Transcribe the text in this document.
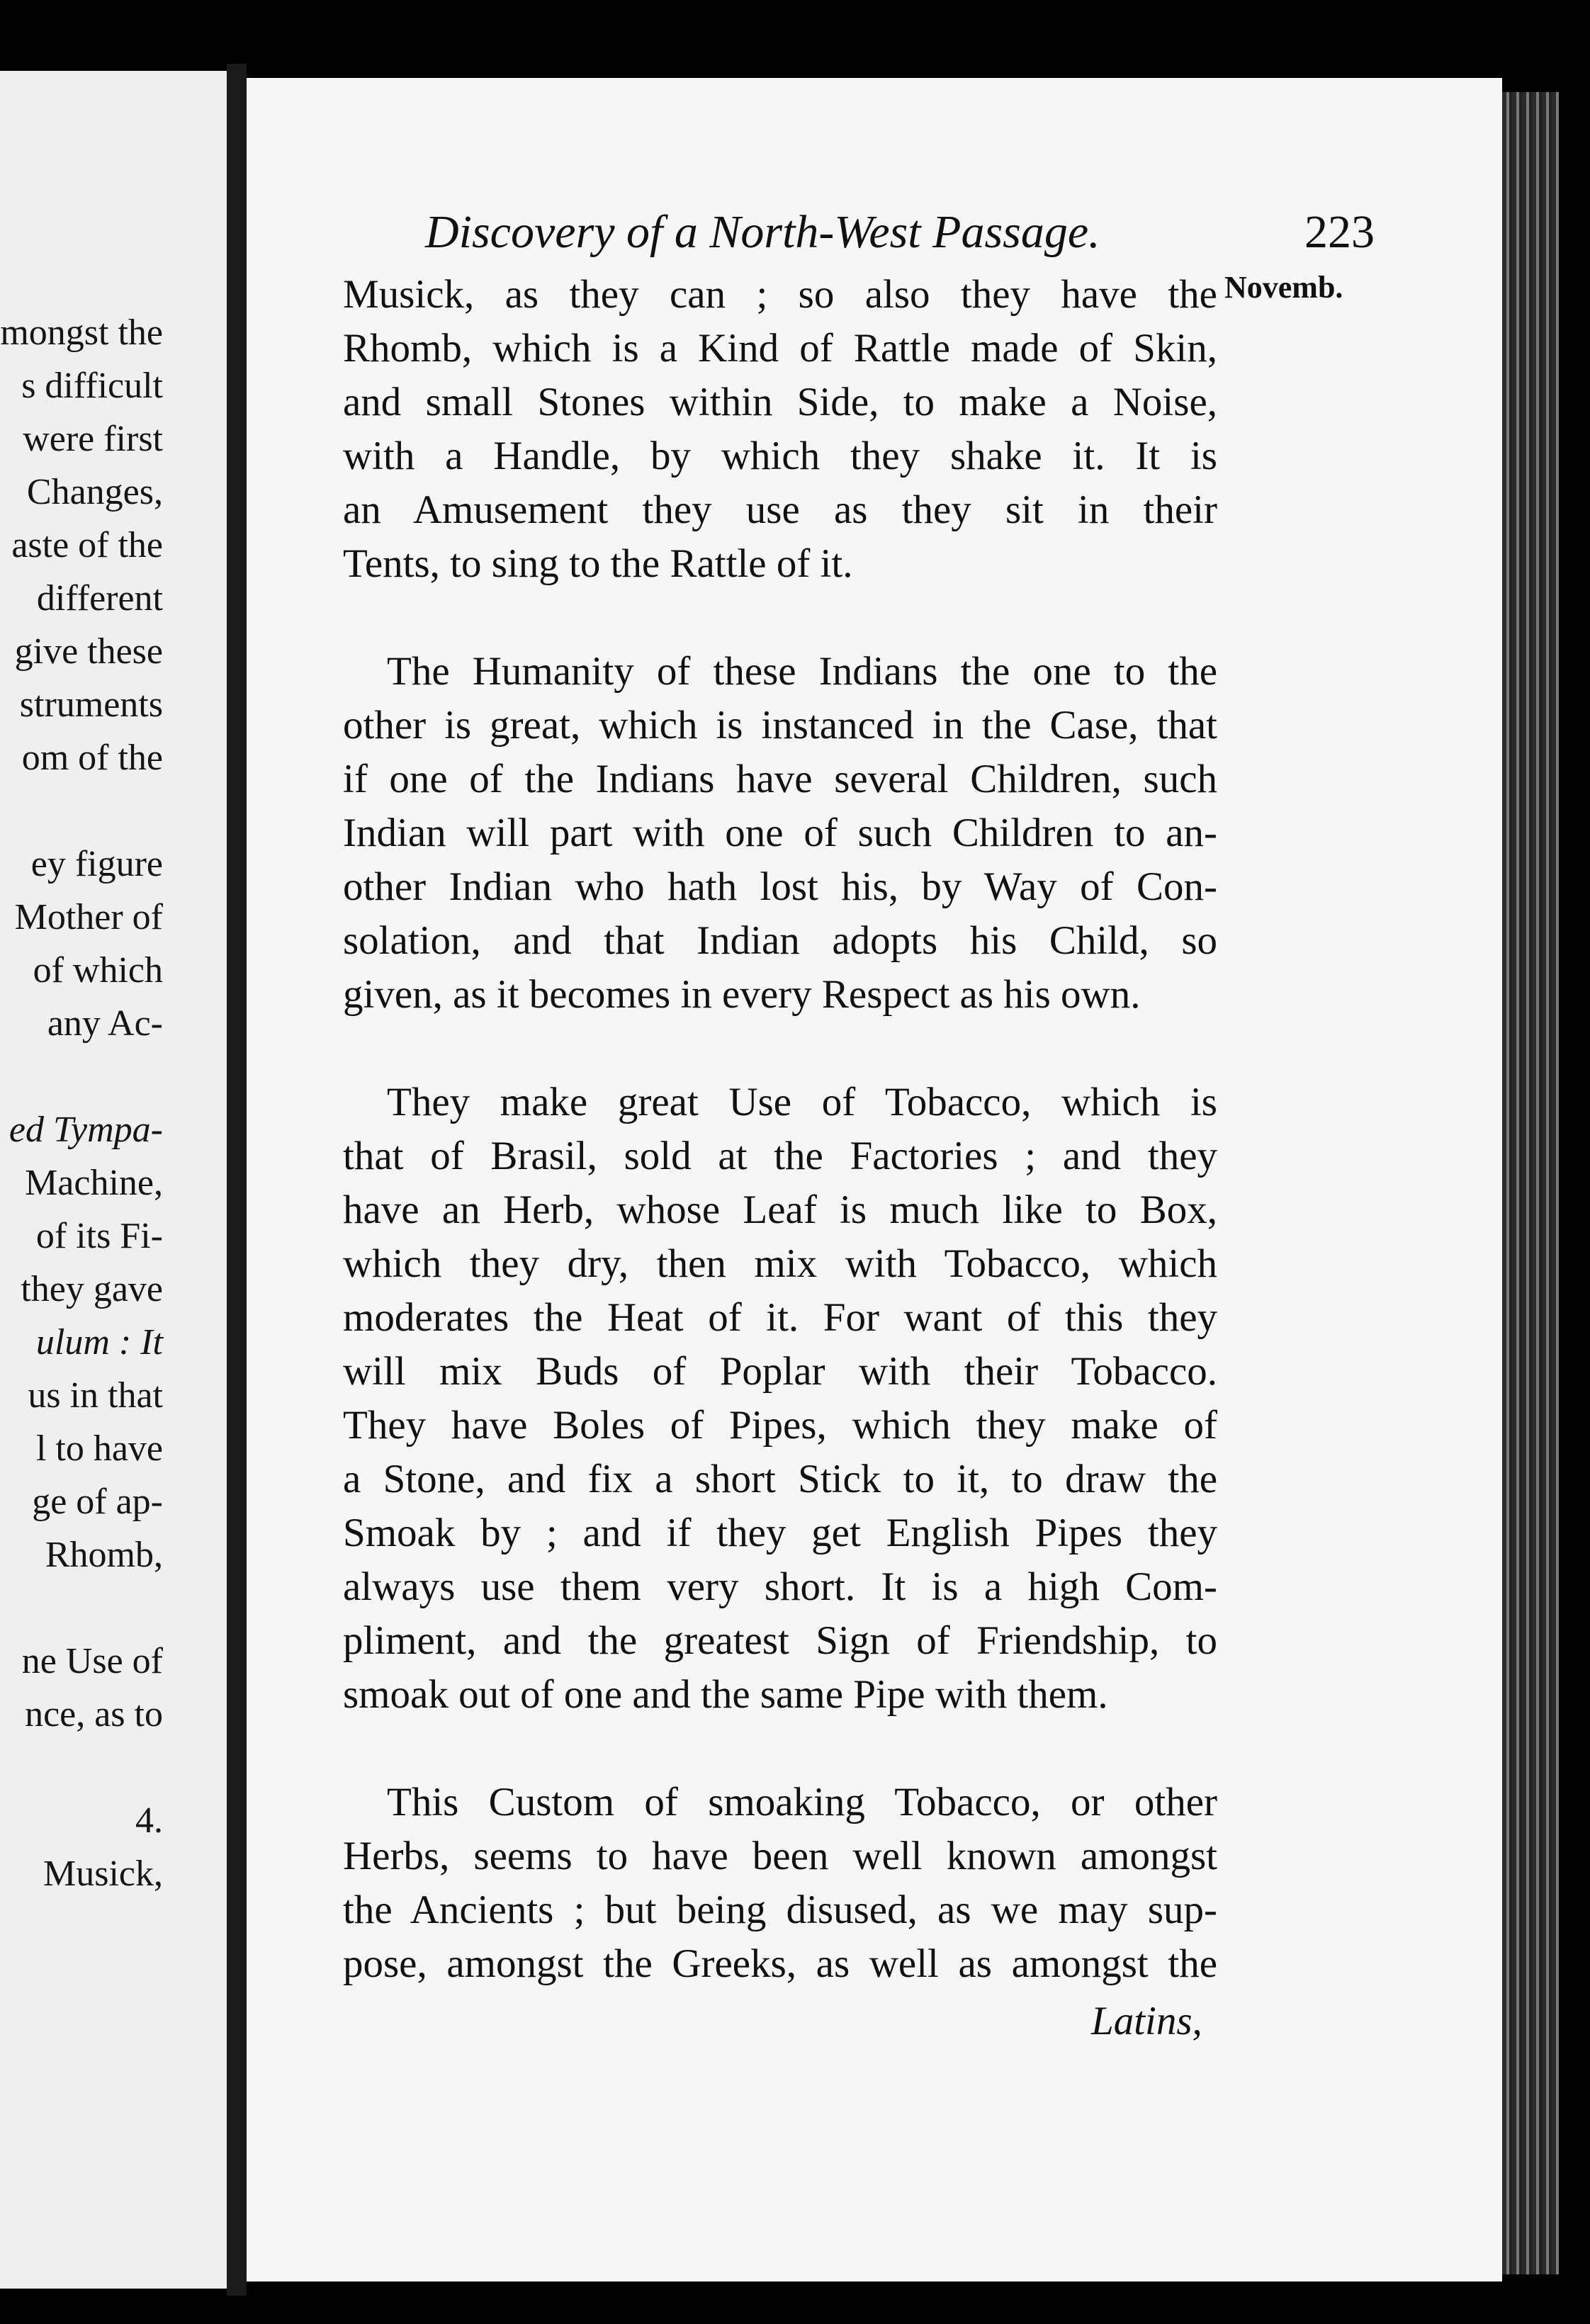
mongst the
s difficult
were first
Changes,
aste of the
different
give these
struments
om of the
ey figure
Mother of
of which
any Ac-
ed Tympa-
Machine,
of its Fi-
they gave
ulum : It
us in that
l to have
ge of ap-
Rhomb,
ne Use of
nce, as to
4.
Musick,
Discovery of a North-West Passage.	223
Novemb.

Musick, as they can ; so also they have the
Rhomb, which is a Kind of Rattle made of Skin,
and small Stones within Side, to make a Noise,
with a Handle, by which they shake it. It is
an Amusement they use as they sit in their
Tents, to sing to the Rattle of it.

The Humanity of these Indians the one to the
other is great, which is instanced in the Case, that
if one of the Indians have several Children, such
Indian will part with one of such Children to an-
other Indian who hath lost his, by Way of Con-
solation, and that Indian adopts his Child, so
given, as it becomes in every Respect as his own.

They make great Use of Tobacco, which is
that of Brasil, sold at the Factories ; and they
have an Herb, whose Leaf is much like to Box,
which they dry, then mix with Tobacco, which
moderates the Heat of it. For want of this they
will mix Buds of Poplar with their Tobacco.
They have Boles of Pipes, which they make of
a Stone, and fix a short Stick to it, to draw the
Smoak by ; and if they get English Pipes they
always use them very short. It is a high Com-
pliment, and the greatest Sign of Friendship, to
smoak out of one and the same Pipe with them.

This Custom of smoaking Tobacco, or other
Herbs, seems to have been well known amongst
the Ancients ; but being disused, as we may sup-
pose, amongst the Greeks, as well as amongst the

Latins,
